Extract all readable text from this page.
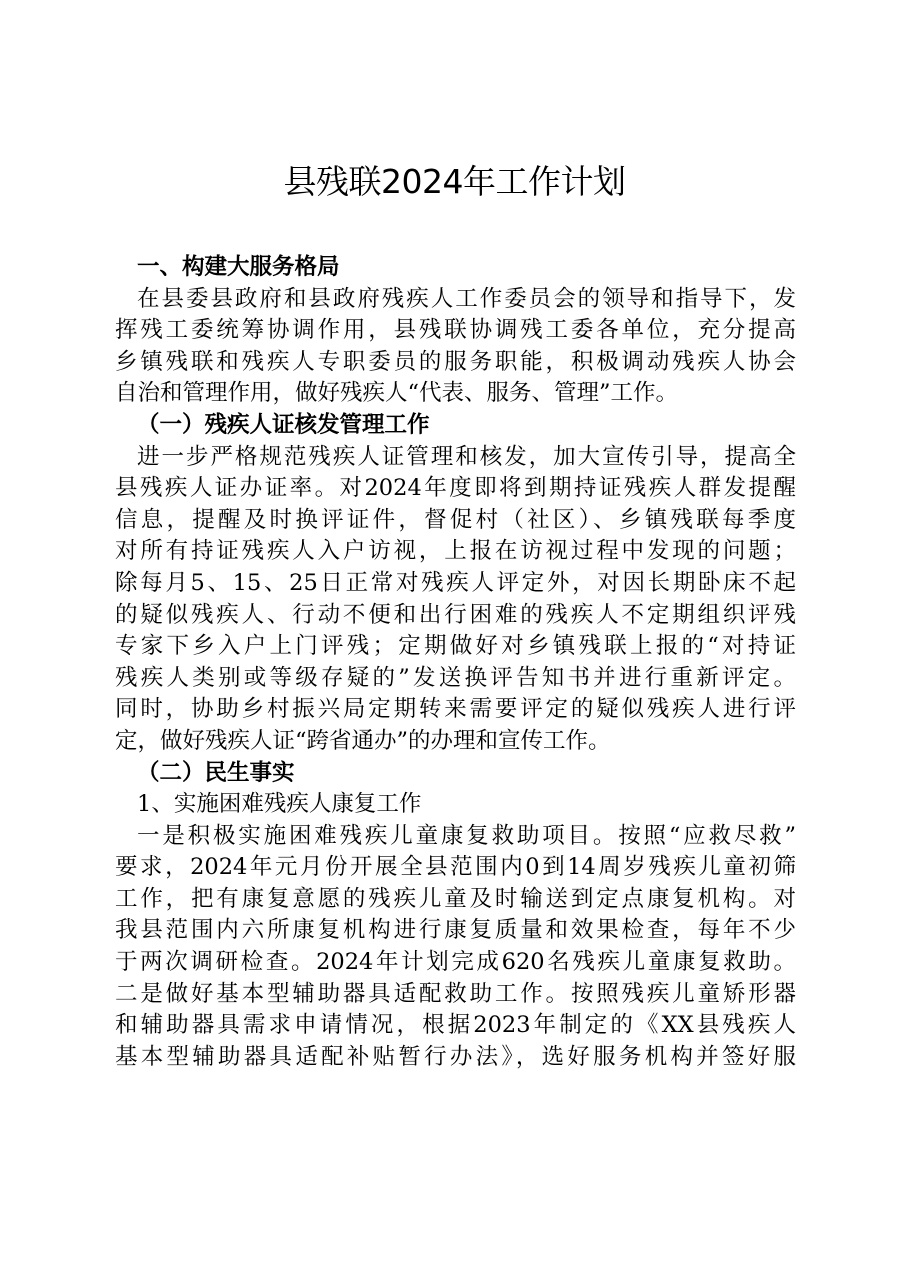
县残联2024年工作计划
一、构建大服务格局
在县委县政府和县政府残疾人工作委员会的领导和指导下，发
挥残工委统筹协调作用，县残联协调残工委各单位，充分提高
乡镇残联和残疾人专职委员的服务职能，积极调动残疾人协会
自治和管理作用，做好残疾人“代表、服务、管理”工作。
（一）残疾人证核发管理工作
进一步严格规范残疾人证管理和核发，加大宣传引导，提高全
县残疾人证办证率。对2024年度即将到期持证残疾人群发提醒
信息，提醒及时换评证件，督促村（社区）、乡镇残联每季度
对所有持证残疾人入户访视，上报在访视过程中发现的问题；
除每月5、15、25日正常对残疾人评定外，对因长期卧床不起
的疑似残疾人、行动不便和出行困难的残疾人不定期组织评残
专家下乡入户上门评残；定期做好对乡镇残联上报的“对持证
残疾人类别或等级存疑的”发送换评告知书并进行重新评定。
同时，协助乡村振兴局定期转来需要评定的疑似残疾人进行评
定，做好残疾人证“跨省通办”的办理和宣传工作。
（二）民生事实
1、实施困难残疾人康复工作
一是积极实施困难残疾儿童康复救助项目。按照“应救尽救”
要求，2024年元月份开展全县范围内0到14周岁残疾儿童初筛
工作，把有康复意愿的残疾儿童及时输送到定点康复机构。对
我县范围内六所康复机构进行康复质量和效果检查，每年不少
于两次调研检查。2024年计划完成620名残疾儿童康复救助。
二是做好基本型辅助器具适配救助工作。按照残疾儿童矫形器
和辅助器具需求申请情况，根据2023年制定的《XX县残疾人
基本型辅助器具适配补贴暂行办法》，选好服务机构并签好服
